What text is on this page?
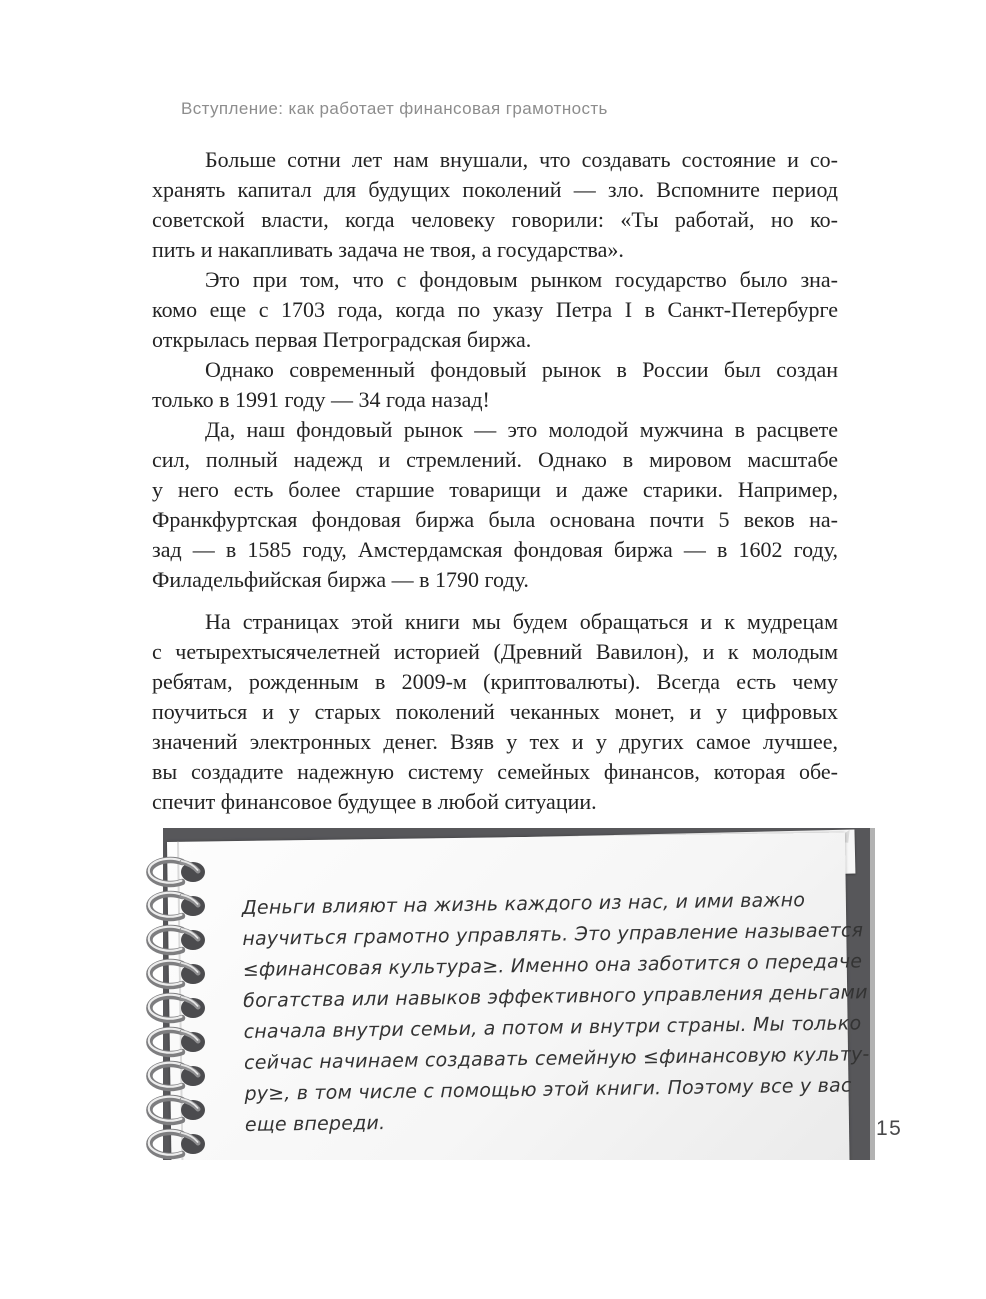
Вступление: как работает финансовая грамотность
Больше сотни лет нам внушали, что создавать состояние и со-
хранять капитал для будущих поколений — зло. Вспомните период
советской власти, когда человеку говорили: «Ты работай, но ко-
пить и накапливать задача не твоя, а государства».
Это при том, что с фондовым рынком государство было зна-
комо еще с 1703 года, когда по указу Петра I в Санкт-Петербурге
открылась первая Петроградская биржа.
Однако современный фондовый рынок в России был создан
только в 1991 году — 34 года назад!
Да, наш фондовый рынок — это молодой мужчина в расцвете
сил, полный надежд и стремлений. Однако в мировом масштабе
у него есть более старшие товарищи и даже старики. Например,
Франкфуртская фондовая биржа была основана почти 5 веков на-
зад — в 1585 году, Амстердамская фондовая биржа — в 1602 году,
Филадельфийская биржа — в 1790 году.
На страницах этой книги мы будем обращаться и к мудрецам
с четырехтысячелетней историей (Древний Вавилон), и к молодым
ребятам, рожденным в 2009-м (криптовалюты). Всегда есть чему
поучиться и у старых поколений чеканных монет, и у цифровых
значений электронных денег. Взяв у тех и у других самое лучшее,
вы создадите надежную систему семейных финансов, которая обе-
спечит финансовое будущее в любой ситуации.
Деньги влияют на жизнь каждого из нас, и ими важно
научиться грамотно управлять. Это управление называется
≤финансовая культура≥. Именно она заботится о передаче
богатства или навыков эффективного управления деньгами
сначала внутри семьи, а потом и внутри страны. Мы только
сейчас начинаем создавать семейную ≤финансовую культу-
ру≥, в том числе с помощью этой книги. Поэтому все у вас
еще впереди.	15
